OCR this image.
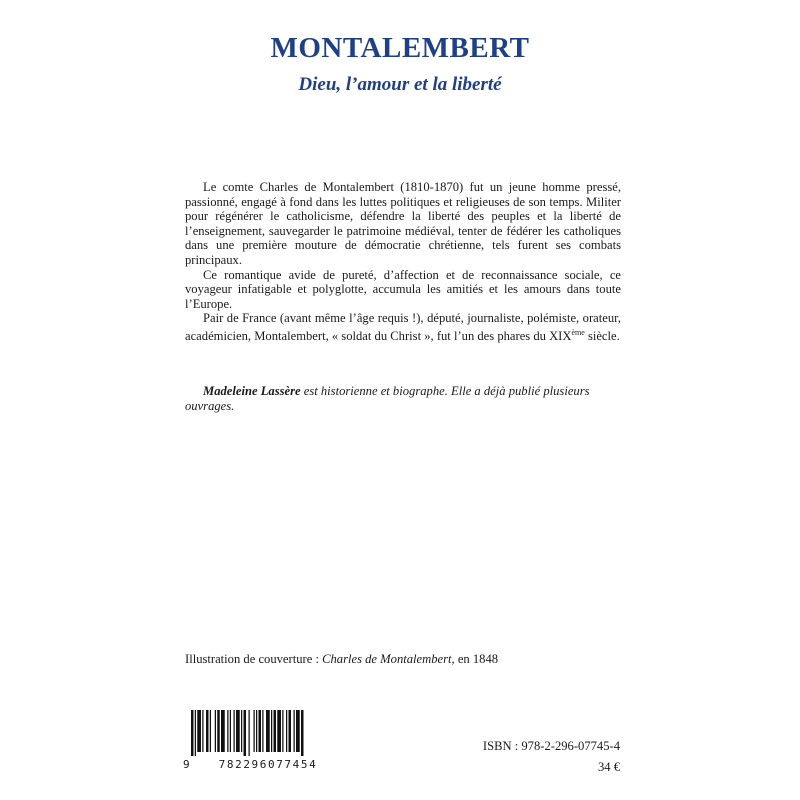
MONTALEMBERT
Dieu, l’amour et la liberté

Le comte Charles de Montalembert (1810-1870) fut un jeune homme pressé, passionné, engagé à fond dans les luttes politiques et religieuses de son temps. Militer pour régénérer le catholicisme, défendre la liberté des peuples et la liberté de l’enseignement, sauvegarder le patrimoine médiéval, tenter de fédérer les catholiques dans une première mouture de démocratie chrétienne, tels furent ses combats principaux.

Ce romantique avide de pureté, d’affection et de reconnaissance sociale, ce voyageur infatigable et polyglotte, accumula les amitiés et les amours dans toute l’Europe.

Pair de France (avant même l’âge requis !), député, journaliste, polémiste, orateur, académicien, Montalembert, « soldat du Christ », fut l’un des phares du XIXème siècle.

Madeleine Lassère est historienne et biographe. Elle a déjà publié plusieurs ouvrages.
Illustration de couverture : Charles de Montalembert, en 1848
9	782296077454
ISBN : 978-2-296-07745-4
34 €
